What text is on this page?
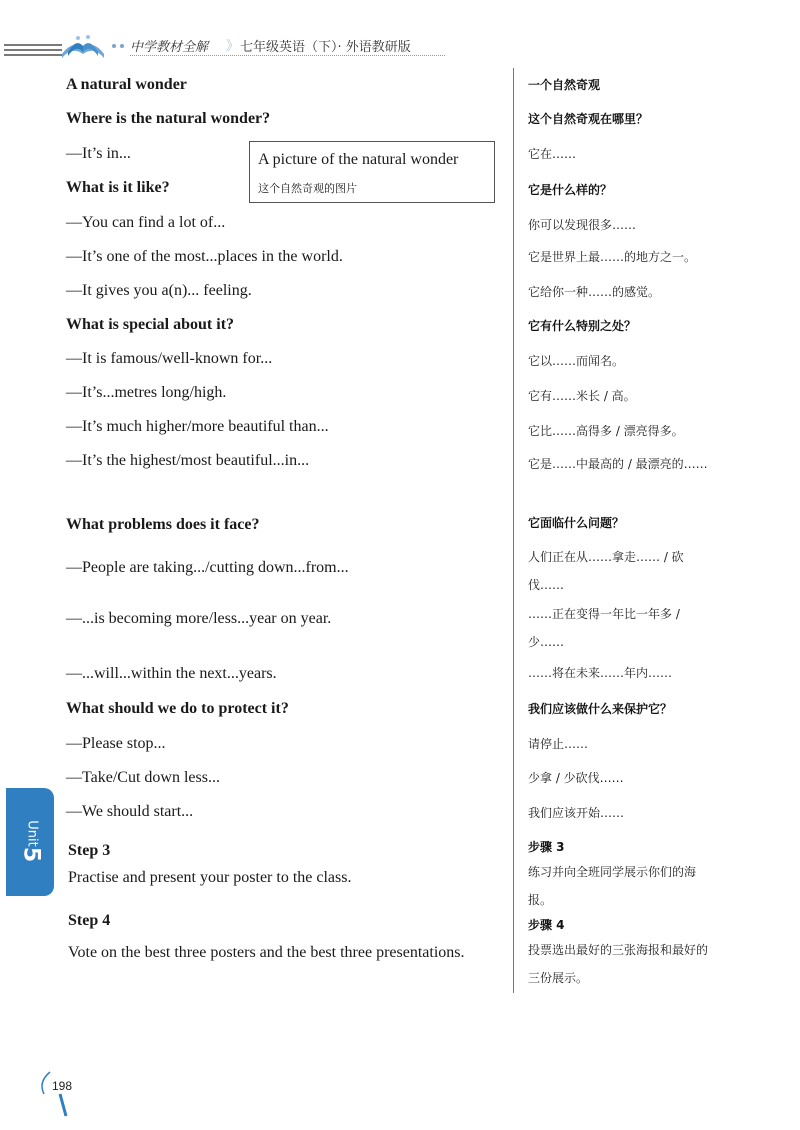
中学教材全解 》 七年级英语（下）· 外语教研版
A natural wonder
Where is the natural wonder?
—It’s in...
What is it like?
—You can find a lot of...
—It’s one of the most...places in the world.
—It gives you a(n)... feeling.
What is special about it?
—It is famous/well-known for...
—It’s...metres long/high.
—It’s much higher/more beautiful than...
—It’s the highest/most beautiful...in...
What problems does it face?
—People are taking.../cutting down...from...
—...is becoming more/less...year on year.
—...will...within the next...years.
What should we do to protect it?
—Please stop...
—Take/Cut down less...
—We should start...
Step 3
Practise and present your poster to the class.
Step 4
Vote on the best three posters and the best three presentations.
A picture of the natural wonder
这个自然奇观的图片
一个自然奇观
这个自然奇观在哪里？
它在……
它是什么样的？
你可以发现很多……
它是世界上最……的地方之一。
它给你一种……的感觉。
它有什么特别之处？
它以……而闻名。
它有……米长 / 高。
它比……高得多 / 漂亮得多。
它是……中最高的 / 最漂亮的……
它面临什么问题？
人们正在从……拿走…… / 砍伐……
……正在变得一年比一年多 / 少……
……将在未来……年内……
我们应该做什么来保护它？
请停止……
少拿 / 少砍伐……
我们应该开始……
步骤 3
练习并向全班同学展示你们的海报。
步骤 4
投票选出最好的三张海报和最好的三份展示。
Unit
5
198
